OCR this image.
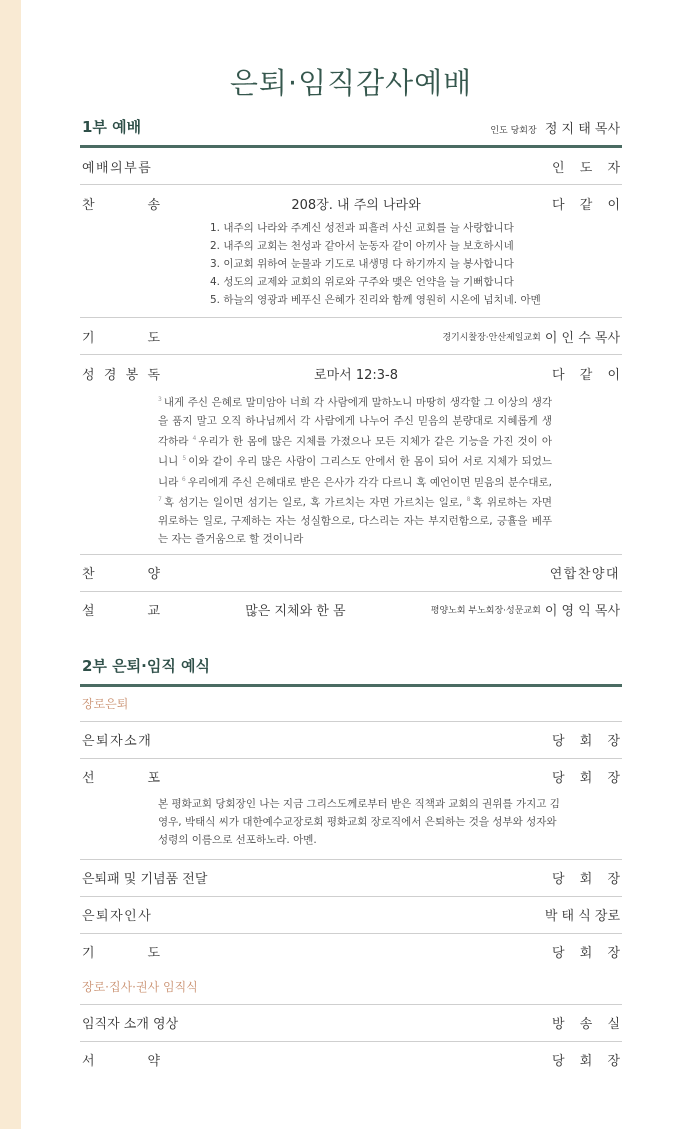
은퇴·임직감사예배
1부 예배	인도 당회장 정 지 태 목사
예배의부름	인 도 자
찬	송	208장. 내 주의 나라와	다 같 이
1. 내주의 나라와 주계신 성전과 피흘려 사신 교회를 늘 사랑합니다
2. 내주의 교회는 천성과 같아서 눈동자 같이 아끼사 늘 보호하시네
3. 이교회 위하여 눈물과 기도로 내생명 다 하기까지 늘 봉사합니다
4. 성도의 교제와 교회의 위로와 구주와 맺은 언약을 늘 기뻐합니다
5. 하늘의 영광과 베푸신 은혜가 진리와 함께 영원히 시온에 넘치네. 아멘
기	도	경기시찰장·안산제일교회 이 인 수 목사
성 경 봉 독	로마서 12:3-8	다 같 이
$^3$ 내게 주신 은혜로 말미암아 너희 각 사람에게 말하노니 마땅히 생각할 그 이상의 생각을 품지 말고 오직 하나님께서 각 사람에게 나누어 주신 믿음의 분량대로 지혜롭게 생각하라 $^4$ 우리가 한 몸에 많은 지체를 가졌으나 모든 지체가 같은 기능을 가진 것이 아니니 $^5$ 이와 같이 우리 많은 사람이 그리스도 안에서 한 몸이 되어 서로 지체가 되었느니라 $^6$ 우리에게 주신 은혜대로 받은 은사가 각각 다르니 혹 예언이면 믿음의 분수대로, $^7$ 혹 섬기는 일이면 섬기는 일로, 혹 가르치는 자면 가르치는 일로, $^8$ 혹 위로하는 자면 위로하는 일로, 구제하는 자는 성실함으로, 다스리는 자는 부지런함으로, 긍휼을 베푸는 자는 즐거움으로 할 것이니라
찬	양	연합찬양대
설	교	많은 지체와 한 몸	평양노회 부노회장·성문교회 이 영 익 목사
2부 은퇴·임직 예식
장로은퇴
은퇴자소개	당 회 장
선	포	당 회 장
본 평화교회 당회장인 나는 지금 그리스도께로부터 받은 직책과 교회의 권위를 가지고 김영우, 박태식 씨가 대한예수교장로회 평화교회 장로직에서 은퇴하는 것을 성부와 성자와 성령의 이름으로 선포하노라. 아멘.
은퇴패 및 기념품 전달	당 회 장
은퇴자인사	박 태 식 장로
기	도	당 회 장
장로·집사·권사 임직식
임직자 소개 영상	방 송 실
서	약	당 회 장
